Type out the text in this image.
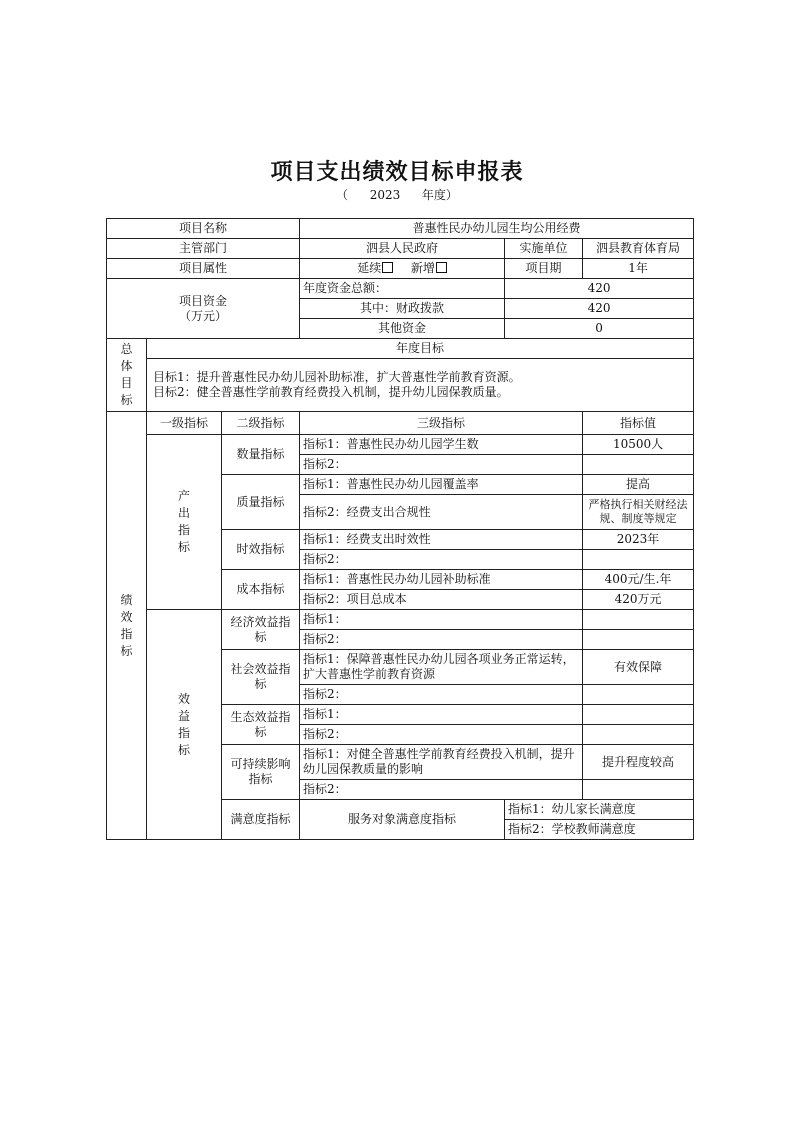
项目支出绩效目标申报表
（ 2023 年度）
项目名称			普惠性民办幼儿园生均公用经费			
主管部门			泗县人民政府	实施单位	泗县教育体育局	
项目属性			延续 新增	项目期	1年	

项目资金
（万元）			年度资金总额：	420		
			其中：财政拨款	420		
			其他资金	0		

总
体
目
标	年度目标					

	目标1：提升普惠性民办幼儿园补助标准，扩大普惠性学前教育资源。
目标2：健全普惠性学前教育经费投入机制，提升幼儿园保教质量。					

绩
效
指
标	一级指标	二级指标	三级指标		指标值	

	产
出
指
标	数量指标	指标1：普惠性民办幼儿园学生数		10500人	
			指标2：			
		质量指标	指标1：普惠性民办幼儿园覆盖率		提高	
			指标2：经费支出合规性		严格执行相关财经法规、制度等规定	
		时效指标	指标1：经费支出时效性		2023年	
			指标2：			
		成本指标	指标1：普惠性民办幼儿园补助标准		400元/生.年	
			指标2：项目总成本		420万元	

	效
益
指
标	经济效益指标	指标1：			
			指标2：			
		社会效益指标	指标1：保障普惠性民办幼儿园各项业务正常运转，扩大普惠性学前教育资源		有效保障	
			指标2：			
		生态效益指标	指标1：			
			指标2：			
		可持续影响指标	指标1：对健全普惠性学前教育经费投入机制，提升幼儿园保教质量的影响		提升程度较高	
			指标2：			
		满意度指标	服务对象满意度指标	指标1：幼儿家长满意度	
				指标2：学校教师满意度	
